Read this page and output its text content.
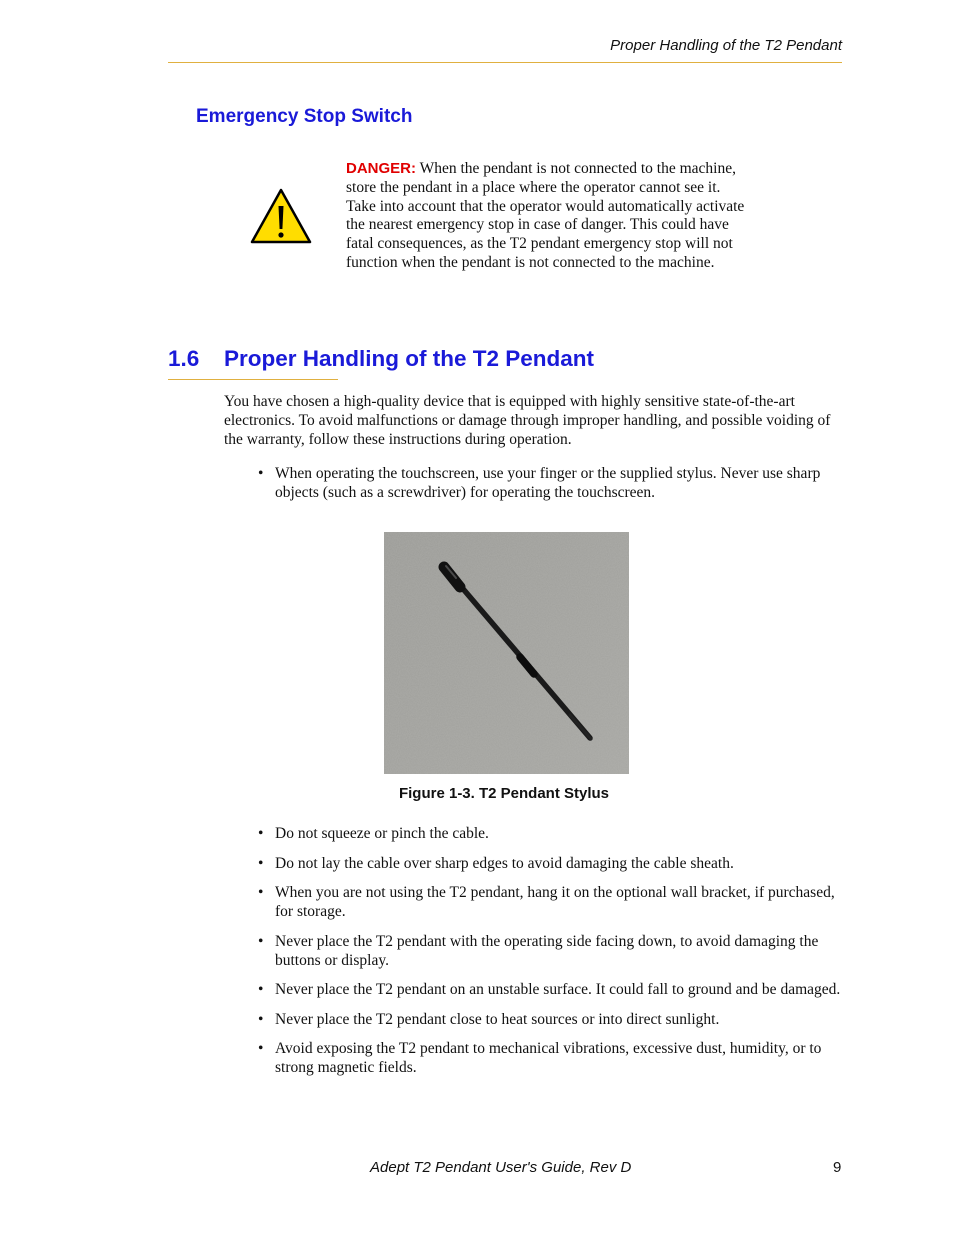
Proper Handling of the T2 Pendant
Emergency Stop Switch
DANGER: When the pendant is not connected to the machine, store the pendant in a place where the operator cannot see it. Take into account that the operator would automatically activate the nearest emergency stop in case of danger. This could have fatal consequences, as the T2 pendant emergency stop will not function when the pendant is not connected to the machine.
1.6 Proper Handling of the T2 Pendant
You have chosen a high-quality device that is equipped with highly sensitive state-of-the-art electronics. To avoid malfunctions or damage through improper handling, and possible voiding of the warranty, follow these instructions during operation.
• When operating the touchscreen, use your finger or the supplied stylus. Never use sharp objects (such as a screwdriver) for operating the touchscreen.
Figure 1-3. T2 Pendant Stylus
• Do not squeeze or pinch the cable.
• Do not lay the cable over sharp edges to avoid damaging the cable sheath.
• When you are not using the T2 pendant, hang it on the optional wall bracket, if purchased, for storage.
• Never place the T2 pendant with the operating side facing down, to avoid damaging the buttons or display.
• Never place the T2 pendant on an unstable surface. It could fall to ground and be damaged.
• Never place the T2 pendant close to heat sources or into direct sunlight.
• Avoid exposing the T2 pendant to mechanical vibrations, excessive dust, humidity, or to strong magnetic fields.
Adept T2 Pendant User's Guide, Rev D	9
